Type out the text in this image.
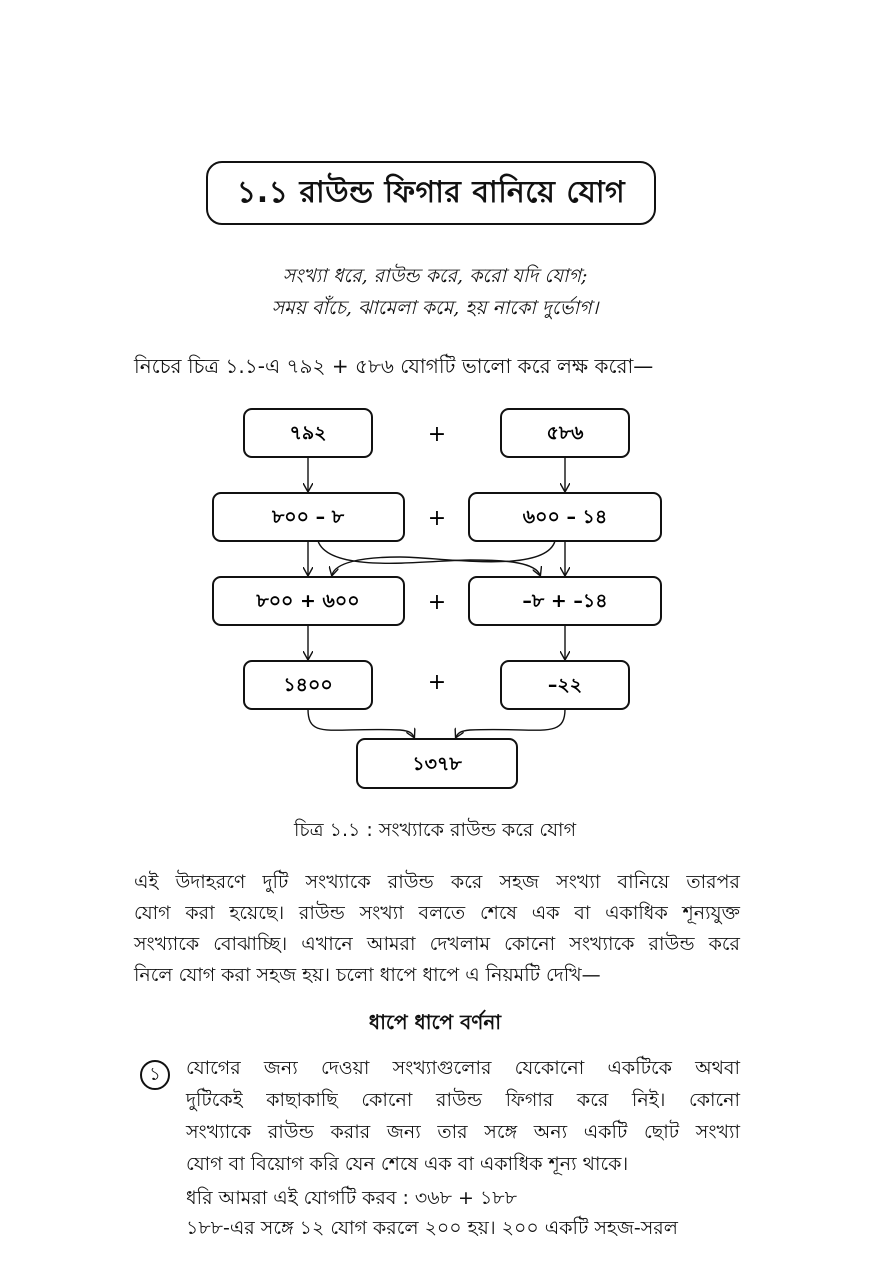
১.১ রাউন্ড ফিগার বানিয়ে যোগ
সংখ্যা ধরে, রাউন্ড করে, করো যদি যোগ;
সময় বাঁচে, ঝামেলা কমে, হয় নাকো দুর্ভোগ।
নিচের চিত্র ১.১-এ ৭৯২ + ৫৮৬ যোগটি ভালো করে লক্ষ করো—
৭৯২	+	৫৮৬
৮০০ – ৮	+	৬০০ – ১৪
৮০০ + ৬০০	+	–৮ + –১৪
১৪০০	+	–২২
১৩৭৮
চিত্র ১.১ : সংখ্যাকে রাউন্ড করে যোগ
এই উদাহরণে দুটি সংখ্যাকে রাউন্ড করে সহজ সংখ্যা বানিয়ে তারপর
যোগ করা হয়েছে। রাউন্ড সংখ্যা বলতে শেষে এক বা একাধিক শূন্যযুক্ত
সংখ্যাকে বোঝাচ্ছি। এখানে আমরা দেখলাম কোনো সংখ্যাকে রাউন্ড করে
নিলে যোগ করা সহজ হয়। চলো ধাপে ধাপে এ নিয়মটি দেখি—
ধাপে ধাপে বর্ণনা
১	যোগের জন্য দেওয়া সংখ্যাগুলোর যেকোনো একটিকে অথবা
দুটিকেই কাছাকাছি কোনো রাউন্ড ফিগার করে নিই। কোনো
সংখ্যাকে রাউন্ড করার জন্য তার সঙ্গে অন্য একটি ছোট সংখ্যা
যোগ বা বিয়োগ করি যেন শেষে এক বা একাধিক শূন্য থাকে।
ধরি আমরা এই যোগটি করব : ৩৬৮ + ১৮৮
১৮৮-এর সঙ্গে ১২ যোগ করলে ২০০ হয়। ২০০ একটি সহজ-সরল
